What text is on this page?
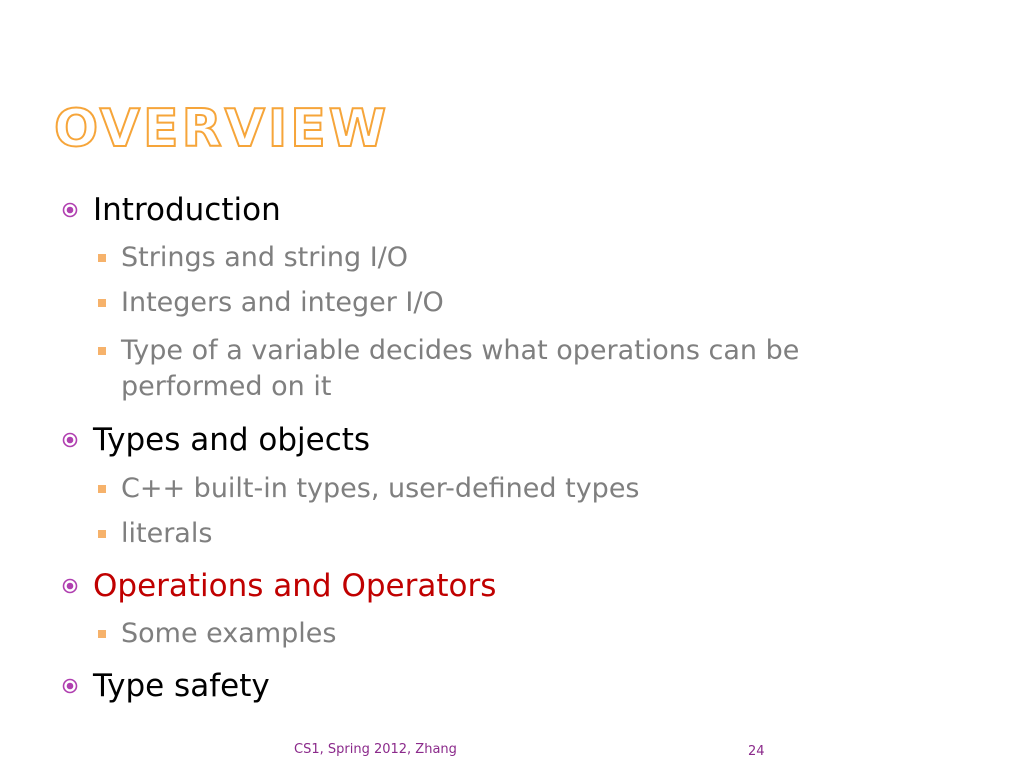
OVERVIEW
Introduction
Strings and string I/O
Integers and integer I/O
Type of a variable decides what operations can be performed on it
Types and objects
C++ built-in types, user-defined types
literals
Operations and Operators
Some examples
Type safety
CS1, Spring 2012, Zhang	24
